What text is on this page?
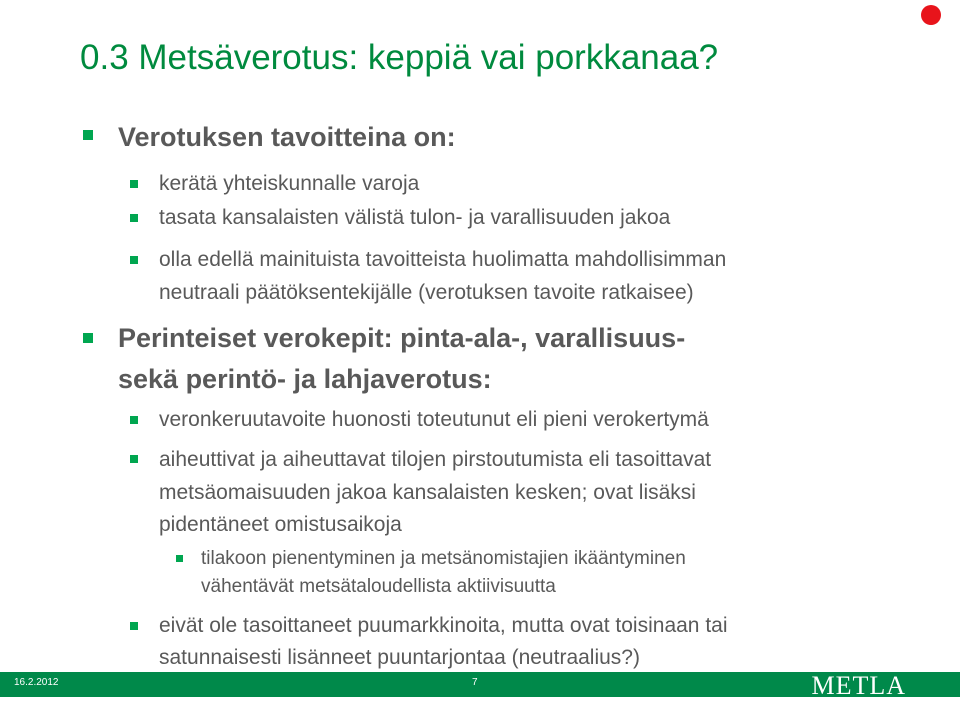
0.3 Metsäverotus: keppiä vai porkkanaa?
Verotuksen tavoitteina on:
kerätä yhteiskunnalle varoja
tasata kansalaisten välistä tulon- ja varallisuuden jakoa
olla edellä mainituista tavoitteista huolimatta mahdollisimman
neutraali päätöksentekijälle (verotuksen tavoite ratkaisee)
Perinteiset verokepit: pinta-ala-, varallisuus-
sekä perintö- ja lahjaverotus:
veronkeruutavoite huonosti toteutunut eli pieni verokertymä
aiheuttivat ja aiheuttavat tilojen pirstoutumista eli tasoittavat
metsäomaisuuden jakoa kansalaisten kesken; ovat lisäksi
pidentäneet omistusaikoja
tilakoon pienentyminen ja metsänomistajien ikääntyminen
vähentävät metsätaloudellista aktiivisuutta
eivät ole tasoittaneet puumarkkinoita, mutta ovat toisinaan tai
satunnaisesti lisänneet puuntarjontaa (neutraalius?)
16.2.2012	7	METLA
